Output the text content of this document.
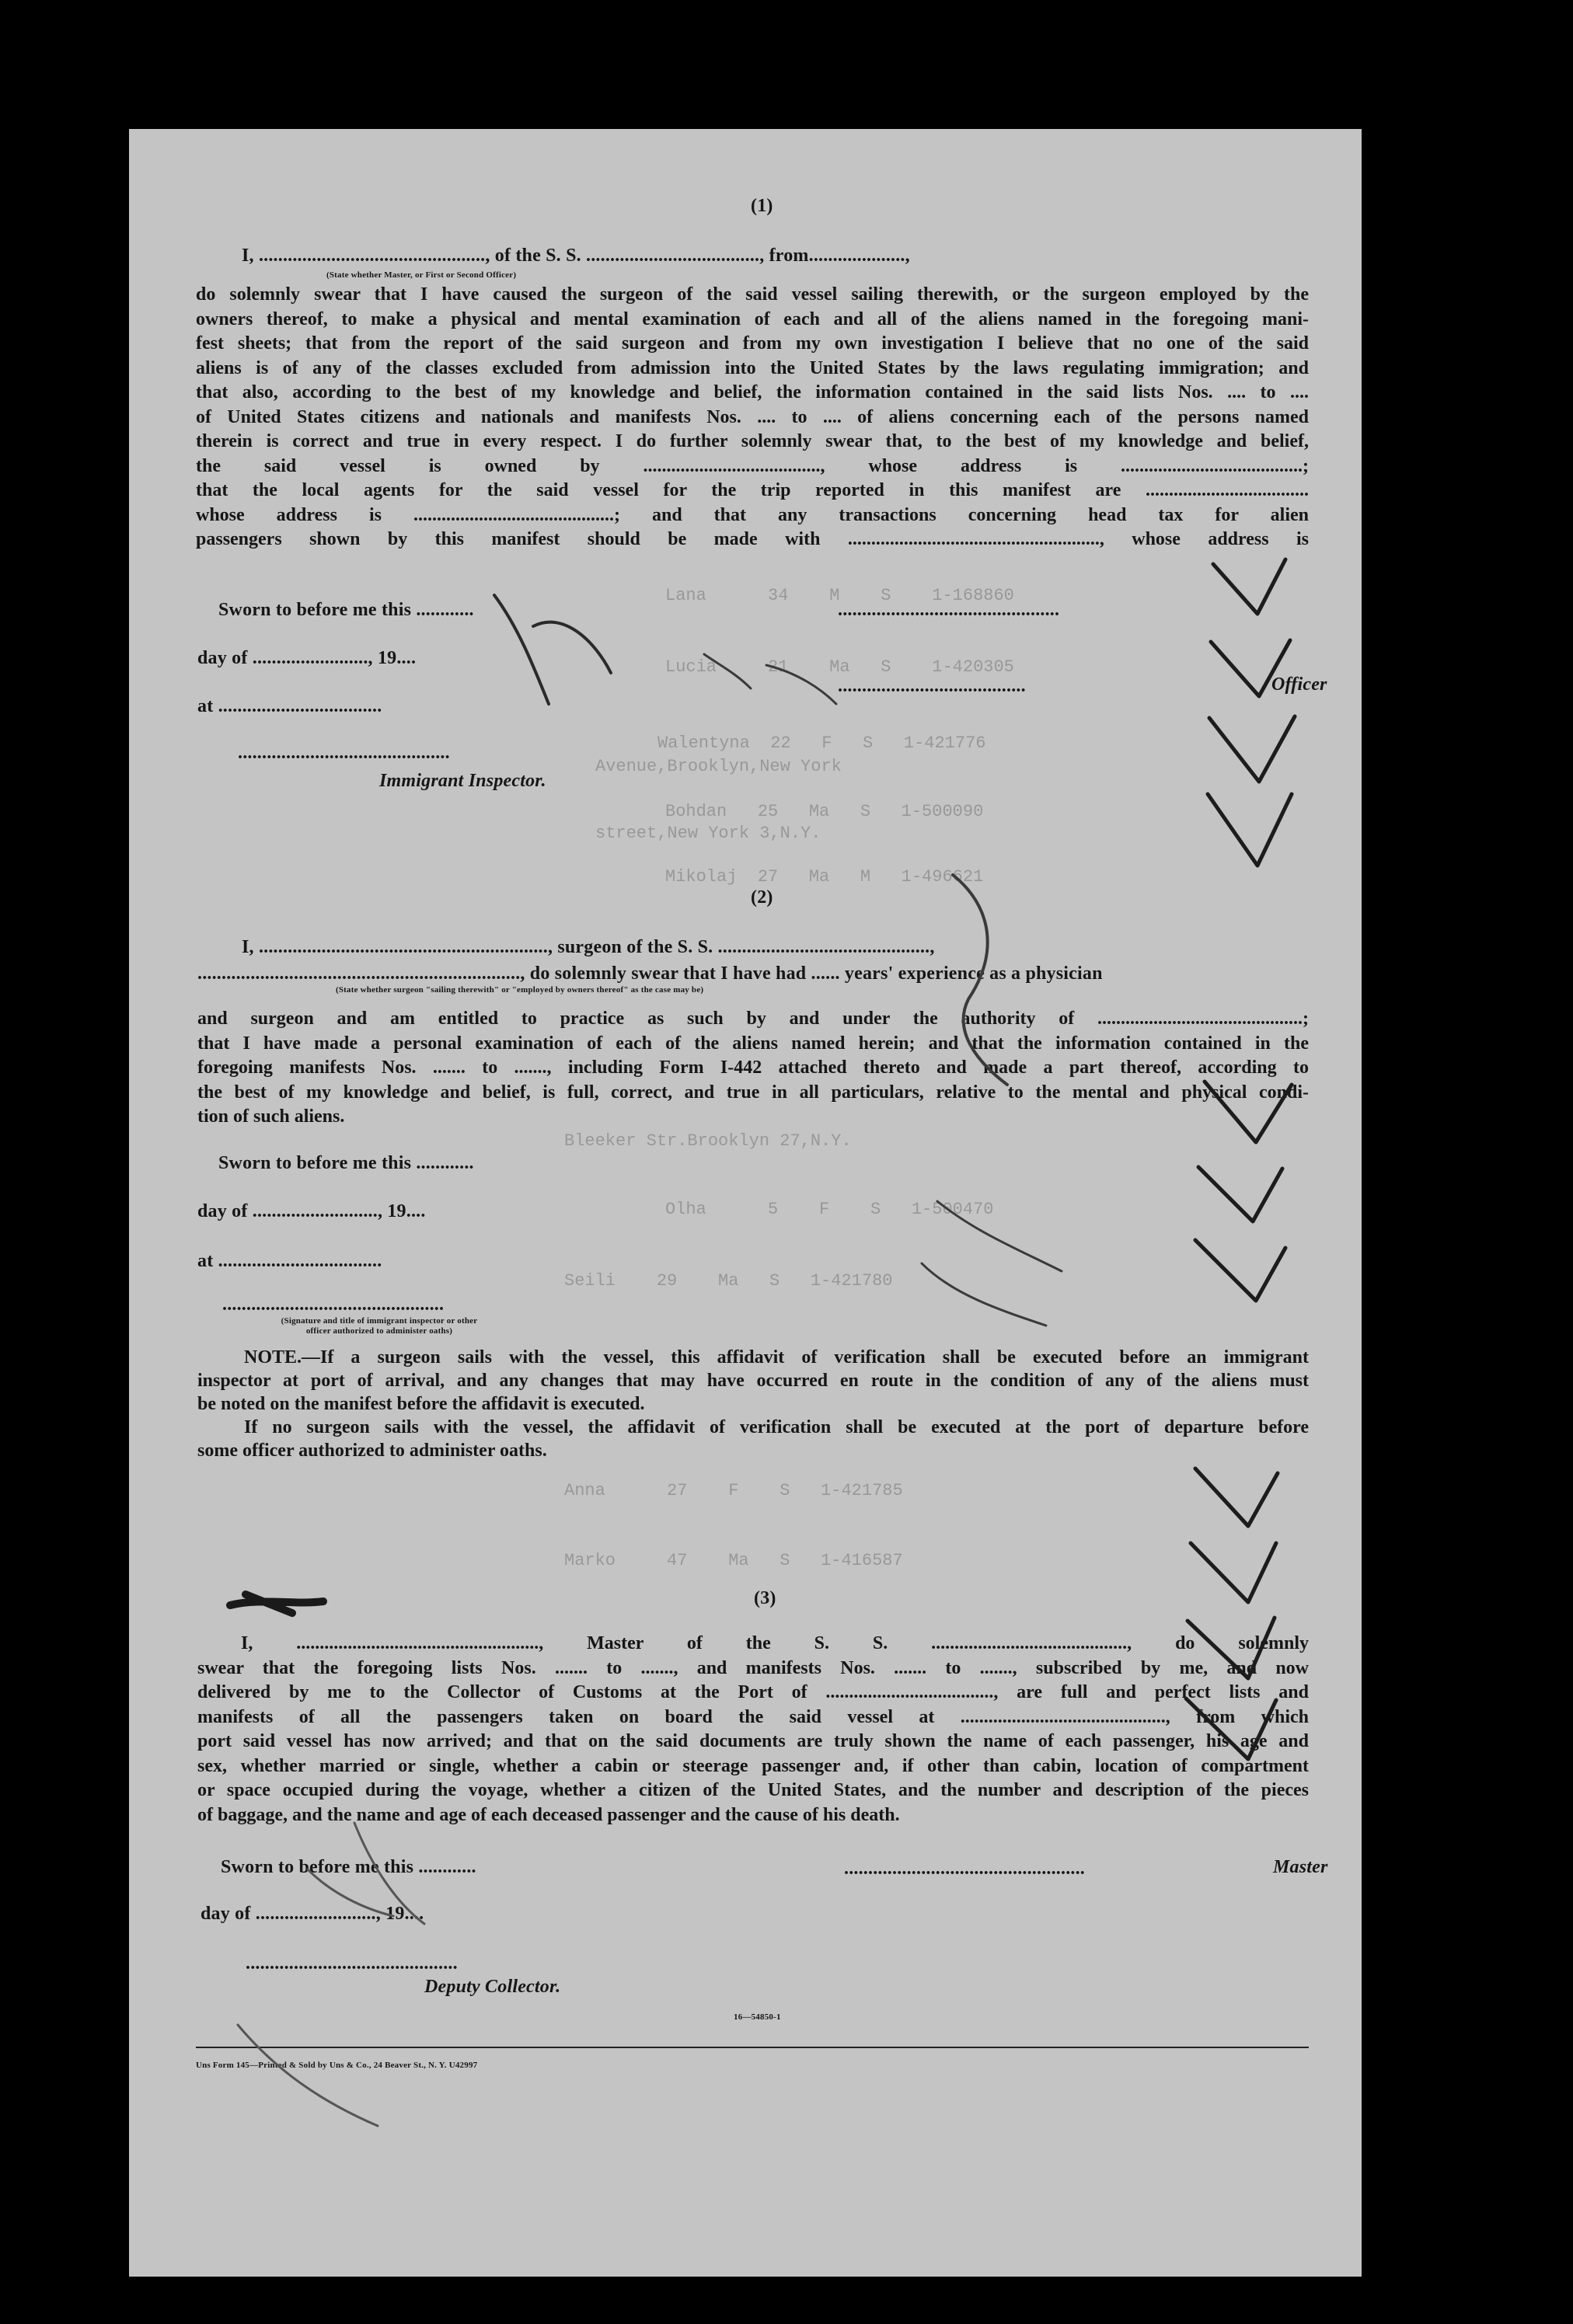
Lana      34    M    S    1-168860
Lucia     21    Ma   S    1-420305
Walentyna  22   F   S   1-421776
Avenue,Brooklyn,New York
Bohdan   25   Ma   S   1-500090
street,New York 3,N.Y.
Mikolaj  27   Ma   M   1-496621
Bleeker Str.Brooklyn 27,N.Y.
Olha      5    F    S   1-500470
Seili    29    Ma   S   1-421780
Anna      27    F    S   1-421785
Marko     47    Ma   S   1-416587
(1)
I, ..............................................., of the S. S. ...................................., from....................,
(State whether Master, or First or Second Officer)
do solemnly swear that I have caused the surgeon of the said vessel sailing therewith, or the surgeon employed by the
owners thereof, to make a physical and mental examination of each and all of the aliens named in the foregoing mani-
fest sheets; that from the report of the said surgeon and from my own investigation I believe that no one of the said
aliens is of any of the classes excluded from admission into the United States by the laws regulating immigration; and
that also, according to the best of my knowledge and belief, the information contained in the said lists Nos. .... to ....
of United States citizens and nationals and manifests Nos. .... to .... of aliens concerning each of the persons named
therein is correct and true in every respect. I do further solemnly swear that, to the best of my knowledge and belief,
the said vessel is owned by ......................................, whose address is .......................................;
that the local agents for the said vessel for the trip reported in this manifest are ...................................
whose address is ...........................................; and that any transactions concerning head tax for alien
passengers shown by this manifest should be made with ......................................................, whose address is
Sworn to before me this ............	..............................................
day of ........................, 19....
.......................................	Officer
at ..................................
............................................
Immigrant Inspector.
(2)
I, ............................................................, surgeon of the S. S. ............................................,
..................................................................., do solemnly swear that I have had ...... years' experience as a physician
(State whether surgeon "sailing therewith" or "employed by owners thereof" as the case may be)
and surgeon and am entitled to practice as such by and under the authority of ............................................;
that I have made a personal examination of each of the aliens named herein; and that the information contained in the
foregoing manifests Nos. ....... to ......., including Form I-442 attached thereto and made a part thereof, according to
the best of my knowledge and belief, is full, correct, and true in all particulars, relative to the mental and physical condi-
tion of such aliens.
Sworn to before me this ............
day of .........................., 19....
at ..................................
..............................................
(Signature and title of immigrant inspector or other officer authorized to administer oaths)
NOTE.—If a surgeon sails with the vessel, this affidavit of verification shall be executed before an immigrant
inspector at port of arrival, and any changes that may have occurred en route in the condition of any of the aliens must
be noted on the manifest before the affidavit is executed.
If no surgeon sails with the vessel, the affidavit of verification shall be executed at the port of departure before
some officer authorized to administer oaths.
(3)
I, ...................................................., Master of the S. S. .........................................., do solemnly
swear that the foregoing lists Nos. ....... to ......., and manifests Nos. ....... to ......., subscribed by me, and now
delivered by me to the Collector of Customs at the Port of ...................................., are full and perfect lists and
manifests of all the passengers taken on board the said vessel at ............................................, from which
port said vessel has now arrived; and that on the said documents are truly shown the name of each passenger, his age and
sex, whether married or single, whether a cabin or steerage passenger and, if other than cabin, location of compartment
or space occupied during the voyage, whether a citizen of the United States, and the number and description of the pieces
of baggage, and the name and age of each deceased passenger and the cause of his death.
Sworn to before me this ............	..................................................	Master
day of ........................., 19....
............................................
Deputy Collector.
16—54850-1
Uns Form 145—Printed & Sold by Uns & Co., 24 Beaver St., N. Y. U42997
